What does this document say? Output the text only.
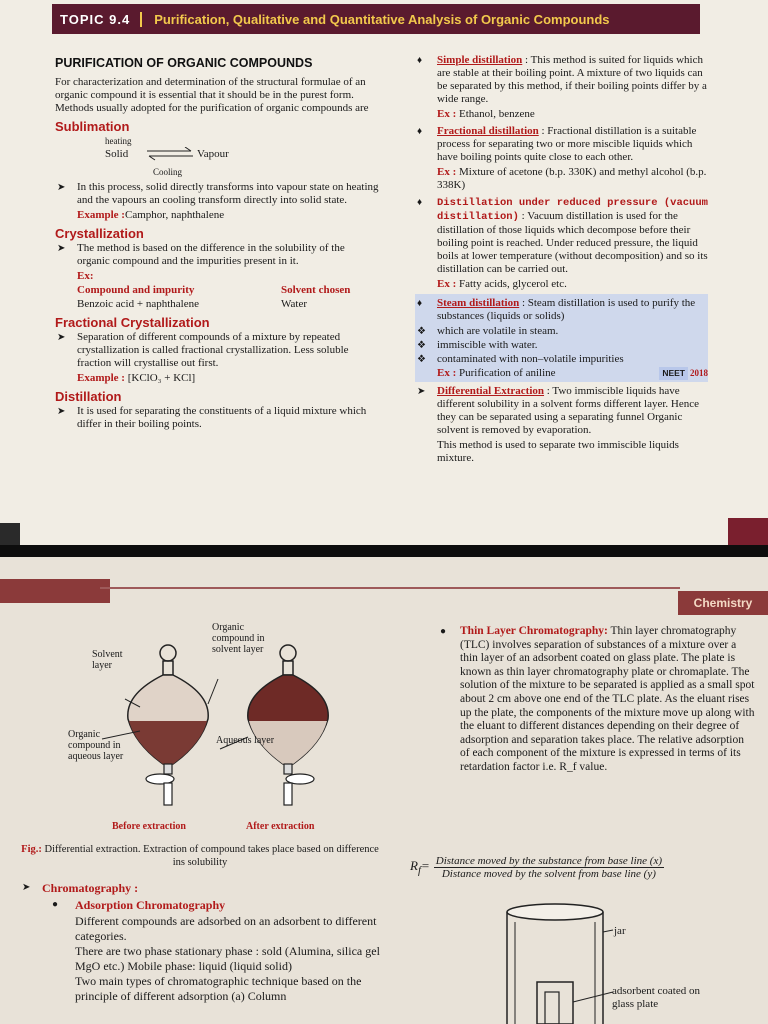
TOPIC 9.4	Purification, Qualitative and Quantitative Analysis of Organic Compounds
PURIFICATION OF ORGANIC COMPOUNDS

For characterization and determination of the structural formulae of an organic compound it is essential that it should be in the purest form. Methods usually adopted for the purification of organic compounds are

Sublimation
heating
Solid	Vapour
Cooling
➤ In this process, solid directly transforms into vapour state on heating and the vapours an cooling transform directly into solid state.
Example :Camphor, naphthalene
Crystallization
➤ The method is based on the difference in the solubility of the organic compound and the impurities present in it.
Ex:
Compound and impurity	Solvent chosen
Benzoic acid + naphthalene	Water
Fractional Crystallization
➤ Separation of different compounds of a mixture by repeated crystallization is called fractional crystallization. Less soluble fraction will crystallise out first.
Example : [KClO₃ + KCl]
Distillation
➤ It is used for separating the constituents of a liquid mixture which differ in their boiling points.
♦ Simple distillation : This method is suited for liquids which are stable at their boiling point. A mixture of two liquids can be separated by this method, if their boiling points differ by a wide range.
Ex : Ethanol, benzene
♦ Fractional distillation : Fractional distillation is a suitable process for separating two or more miscible liquids which have boiling points quite close to each other.
Ex : Mixture of acetone (b.p. 330K) and methyl alcohol (b.p. 338K)
♦ Distillation under reduced pressure (vacuum distillation) : Vacuum distillation is used for the distillation of those liquids which decompose before their boiling point is reached. Under reduced pressure, the liquid boils at lower temperature (without decomposition) and so its distillation can be carried out.
Ex : Fatty acids, glycerol etc.
♦ Steam distillation : Steam distillation is used to purify the substances (liquids or solids)
❖ which are volatile in steam.
❖ immiscible with water.
❖ contaminated with non–volatile impurities
Ex : Purification of aniline	NEET 2018
➤ Differential Extraction : Two immiscible liquids have different solubility in a solvent forms different layer. Hence they can be separated using a separating funnel Organic solvent is removed by evaporation.
This method is used to separate two immiscible liquids mixture.
Chemistry
Solvent layer
Organic compound in solvent layer
Organic compound in aqueous layer
Aqueous layer
Before extraction	After extraction
Fig.: Differential extraction. Extraction of compound takes place based on difference ins solubility
➤ Chromatography :
● Adsorption Chromatography

Different compounds are adsorbed on an adsorbent to different categories.

There are two phase stationary phase : sold (Alumina, silica gel MgO etc.) Mobile phase: liquid (liquid solid)

Two main types of chromatographic technique based on the principle of different adsorption (a) Column

● Thin Layer Chromatography: Thin layer chromatography (TLC) involves separation of substances of a mixture over a thin layer of an adsorbent coated on glass plate. The plate is known as thin layer chromatography plate or chromaplate. The solution of the mixture to be separated is applied as a small spot about 2 cm above one end of the TLC plate. As the eluant rises up the plate, the components of the mixture move up along with the eluant to different distances depending on their degree of adsorption and separation takes place. The relative adsorption of each component of the mixture is expressed in terms of its retardation factor i.e. R_f value.
$R_f= \frac{\text{Distance moved by the substance from base line (x)}}{\text{Distance moved by the solvent from base line (y)}}$
jar
adsorbent coated on glass plate
